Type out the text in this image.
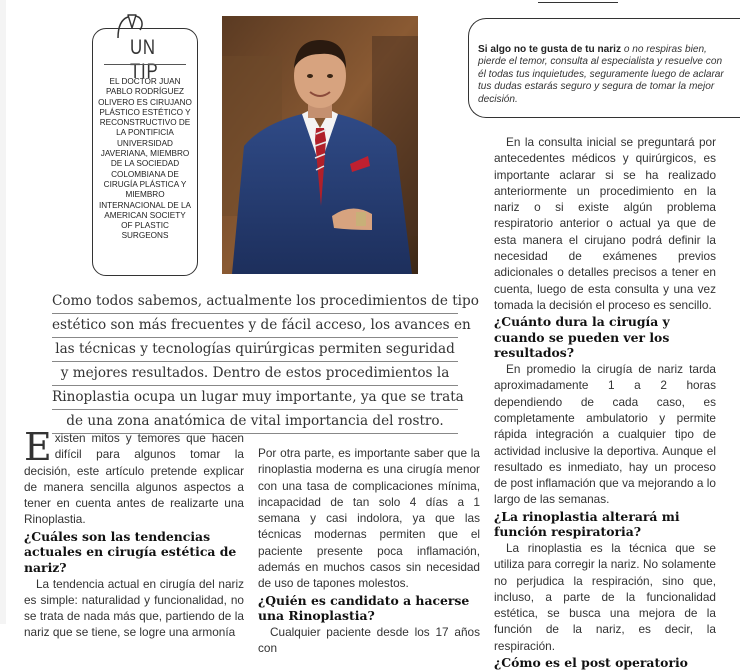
UN TIP
EL DOCTOR JUAN PABLO RODRÍGUEZ OLIVERO ES CIRUJANO PLÁSTICO ESTÉTICO Y RECONSTRUCTIVO DE LA PONTIFICIA UNIVERSIDAD JAVERIANA, MIEMBRO DE LA SOCIEDAD COLOMBIANA DE CIRUGÍA PLÁSTICA Y MIEMBRO INTERNACIONAL DE LA AMERICAN SOCIETY OF PLASTIC SURGEONS
Si algo no te gusta de tu nariz o no respiras bien, pierde el temor, consulta al especialista y resuelve con él todas tus inquietudes, seguramente luego de aclarar tus dudas estarás seguro y segura de tomar la mejor decisión.
Como todos sabemos, actualmente los procedimientos de tipo
estético son más frecuentes y de fácil acceso, los avances en
las técnicas y tecnologías quirúrgicas permiten seguridad
y mejores resultados. Dentro de estos procedimientos la
Rinoplastia ocupa un lugar muy importante, ya que se trata
de una zona anatómica de vital importancia del rostro.

Existen mitos y temores que hacen difícil para algunos tomar la decisión, este artículo pretende explicar de manera sencilla algunos aspectos a tener en cuenta antes de realizarte una Rinoplastia.

¿Cuáles son las tendencias actuales en cirugía estética de nariz?

La tendencia actual en cirugía del nariz es simple: naturalidad y funcionalidad, no se trata de nada más que, partiendo de la nariz que se tiene, se logre una armonía

Por otra parte, es importante saber que la rinoplastia moderna es una cirugía menor con una tasa de complicaciones mínima, incapacidad de tan solo 4 días a 1 semana y casi indolora, ya que las técnicas modernas permiten que el paciente presente poca inflamación, además en muchos casos sin necesidad de uso de tapones molestos.

¿Quién es candidato a hacerse una Rinoplastia?

Cualquier paciente desde los 17 años con

En la consulta inicial se preguntará por antecedentes médicos y quirúrgicos, es importante aclarar si se ha realizado anteriormente un procedimiento en la nariz o si existe algún problema respiratorio anterior o actual ya que de esta manera el cirujano podrá definir la necesidad de exámenes previos adicionales o detalles precisos a tener en cuenta, luego de esta consulta y una vez tomada la decisión el proceso es sencillo.

¿Cuánto dura la cirugía y cuando se pueden ver los resultados?

En promedio la cirugía de nariz tarda aproximadamente 1 a 2 horas dependiendo de cada caso, es completamente ambulatorio y permite rápida integración a cualquier tipo de actividad inclusive la deportiva. Aunque el resultado es inmediato, hay un proceso de post inflamación que va mejorando a lo largo de las semanas.

¿La rinoplastia alterará mi función respiratoria?

La rinoplastia es la técnica que se utiliza para corregir la nariz. No solamente no perjudica la respiración, sino que, incluso, a parte de la funcionalidad estética, se busca una mejora de la función de la nariz, es decir, la respiración.

¿Cómo es el post operatorio
